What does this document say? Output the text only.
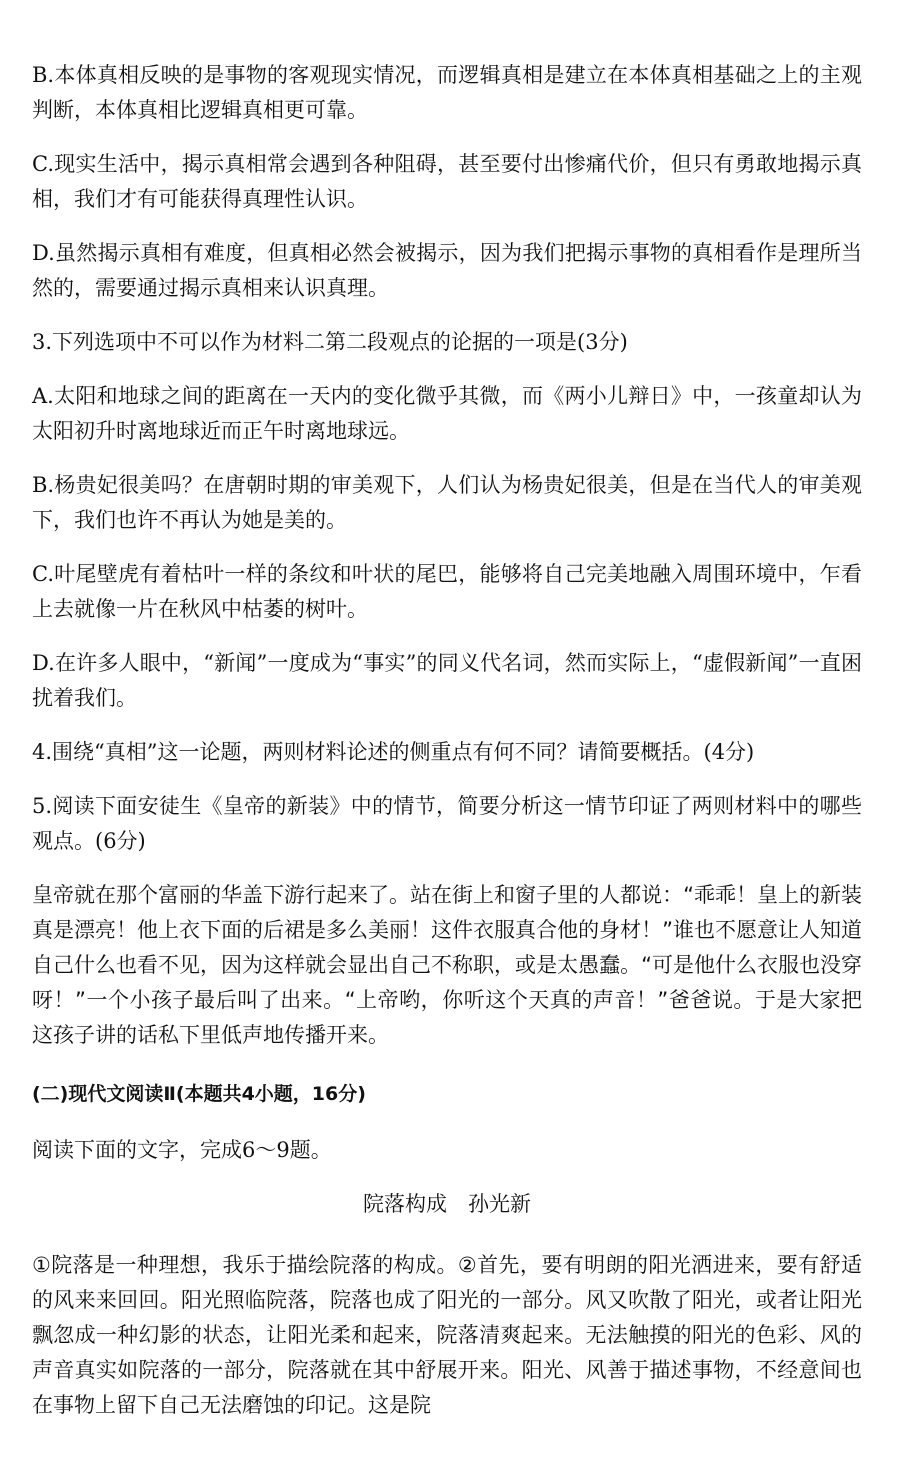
B.本体真相反映的是事物的客观现实情况，而逻辑真相是建立在本体真相基础之上的主观判断，本体真相比逻辑真相更可靠。

C.现实生活中，揭示真相常会遇到各种阻碍，甚至要付出惨痛代价，但只有勇敢地揭示真相，我们才有可能获得真理性认识。

D.虽然揭示真相有难度，但真相必然会被揭示，因为我们把揭示事物的真相看作是理所当然的，需要通过揭示真相来认识真理。

3.下列选项中不可以作为材料二第二段观点的论据的一项是(3分)

A.太阳和地球之间的距离在一天内的变化微乎其微，而《两小儿辩日》中，一孩童却认为太阳初升时离地球近而正午时离地球远。

B.杨贵妃很美吗？在唐朝时期的审美观下，人们认为杨贵妃很美，但是在当代人的审美观下，我们也许不再认为她是美的。

C.叶尾壁虎有着枯叶一样的条纹和叶状的尾巴，能够将自己完美地融入周围环境中，乍看上去就像一片在秋风中枯萎的树叶。

D.在许多人眼中，“新闻”一度成为“事实”的同义代名词，然而实际上，“虚假新闻”一直困扰着我们。

4.围绕“真相”这一论题，两则材料论述的侧重点有何不同？请简要概括。(4分)

5.阅读下面安徒生《皇帝的新装》中的情节，简要分析这一情节印证了两则材料中的哪些观点。(6分)

皇帝就在那个富丽的华盖下游行起来了。站在街上和窗子里的人都说：“乖乖！皇上的新装真是漂亮！他上衣下面的后裙是多么美丽！这件衣服真合他的身材！”谁也不愿意让人知道自己什么也看不见，因为这样就会显出自己不称职，或是太愚蠢。“可是他什么衣服也没穿呀！”一个小孩子最后叫了出来。“上帝哟，你听这个天真的声音！”爸爸说。于是大家把这孩子讲的话私下里低声地传播开来。

(二)现代文阅读Ⅱ(本题共4小题，16分)

阅读下面的文字，完成6～9题。

院落构成　孙光新

①院落是一种理想，我乐于描绘院落的构成。②首先，要有明朗的阳光洒进来，要有舒适的风来来回回。阳光照临院落，院落也成了阳光的一部分。风又吹散了阳光，或者让阳光飘忽成一种幻影的状态，让阳光柔和起来，院落清爽起来。无法触摸的阳光的色彩、风的声音真实如院落的一部分，院落就在其中舒展开来。阳光、风善于描述事物，不经意间也在事物上留下自己无法磨蚀的印记。这是院
